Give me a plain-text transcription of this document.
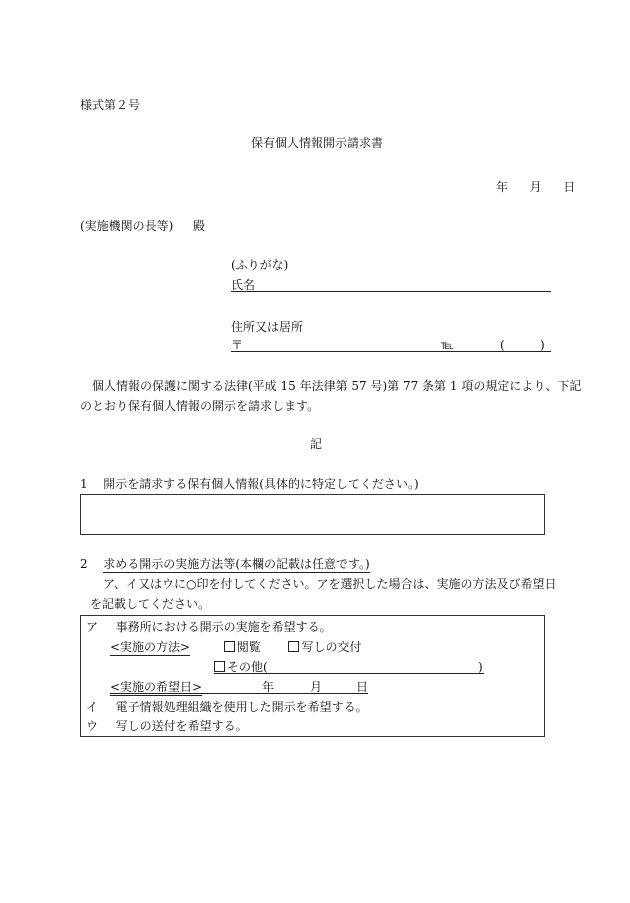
様式第２号
保有個人情報開示請求書
年 月 日
(実施機関の長等) 殿
(ふりがな)
氏名
住所又は居所
〒	℡	(	)
個人情報の保護に関する法律(平成 15 年法律第 57 号)第 77 条第 1 項の規定により、下記
のとおり保有個人情報の開示を請求します。
記
1 開示を請求する保有個人情報(具体的に特定してください。)
2 求める開示の実施方法等(本欄の記載は任意です。)
ア、イ又はウに○印を付してください。アを選択した場合は、実施の方法及び希望日
を記載してください。
ア 事務所における開示の実施を希望する。
<実施の方法>	閲覧	写しの交付
その他(	)
<実施の希望日>	年	月	日
イ 電子情報処理組織を使用した開示を希望する。
ウ 写しの送付を希望する。
